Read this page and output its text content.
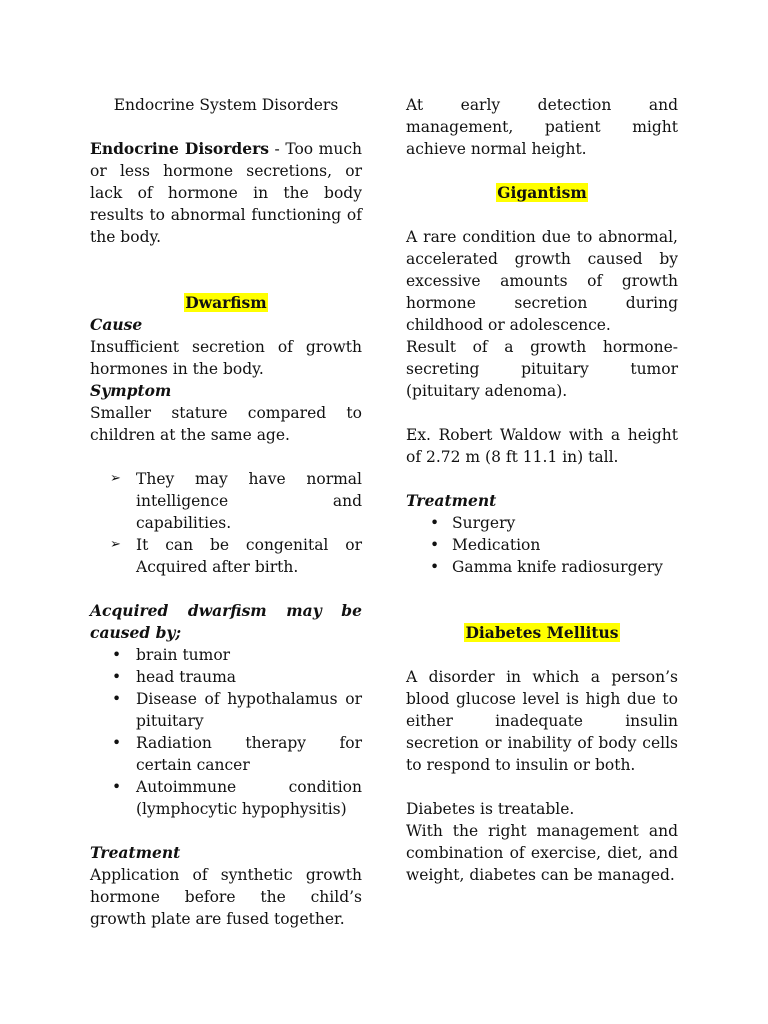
Endocrine System Disorders

Endocrine Disorders - Too much or less hormone secretions, or lack of hormone in the body results to abnormal functioning of the body.

Dwarfism

Cause

Insufficient secretion of growth hormones in the body.

Symptom

Smaller stature compared to children at the same age.

➢ They may have normal intelligence and capabilities.
➢ It can be congenital or Acquired after birth.

Acquired dwarfism may be caused by;

• brain tumor
• head trauma
• Disease of hypothalamus or pituitary
• Radiation therapy for certain cancer
• Autoimmune condition (lymphocytic hypophysitis)

Treatment

Application of synthetic growth hormone before the child’s growth plate are fused together.

At early detection and management, patient might achieve normal height.

Gigantism

A rare condition due to abnormal, accelerated growth caused by excessive amounts of growth hormone secretion during childhood or adolescence.

Result of a growth hormone-secreting pituitary tumor (pituitary adenoma).

Ex. Robert Waldow with a height of 2.72 m (8 ft 11.1 in) tall.

Treatment

• Surgery
• Medication
• Gamma knife radiosurgery

Diabetes Mellitus

A disorder in which a person’s blood glucose level is high due to either inadequate insulin secretion or inability of body cells to respond to insulin or both.

Diabetes is treatable.

With the right management and combination of exercise, diet, and weight, diabetes can be managed.
